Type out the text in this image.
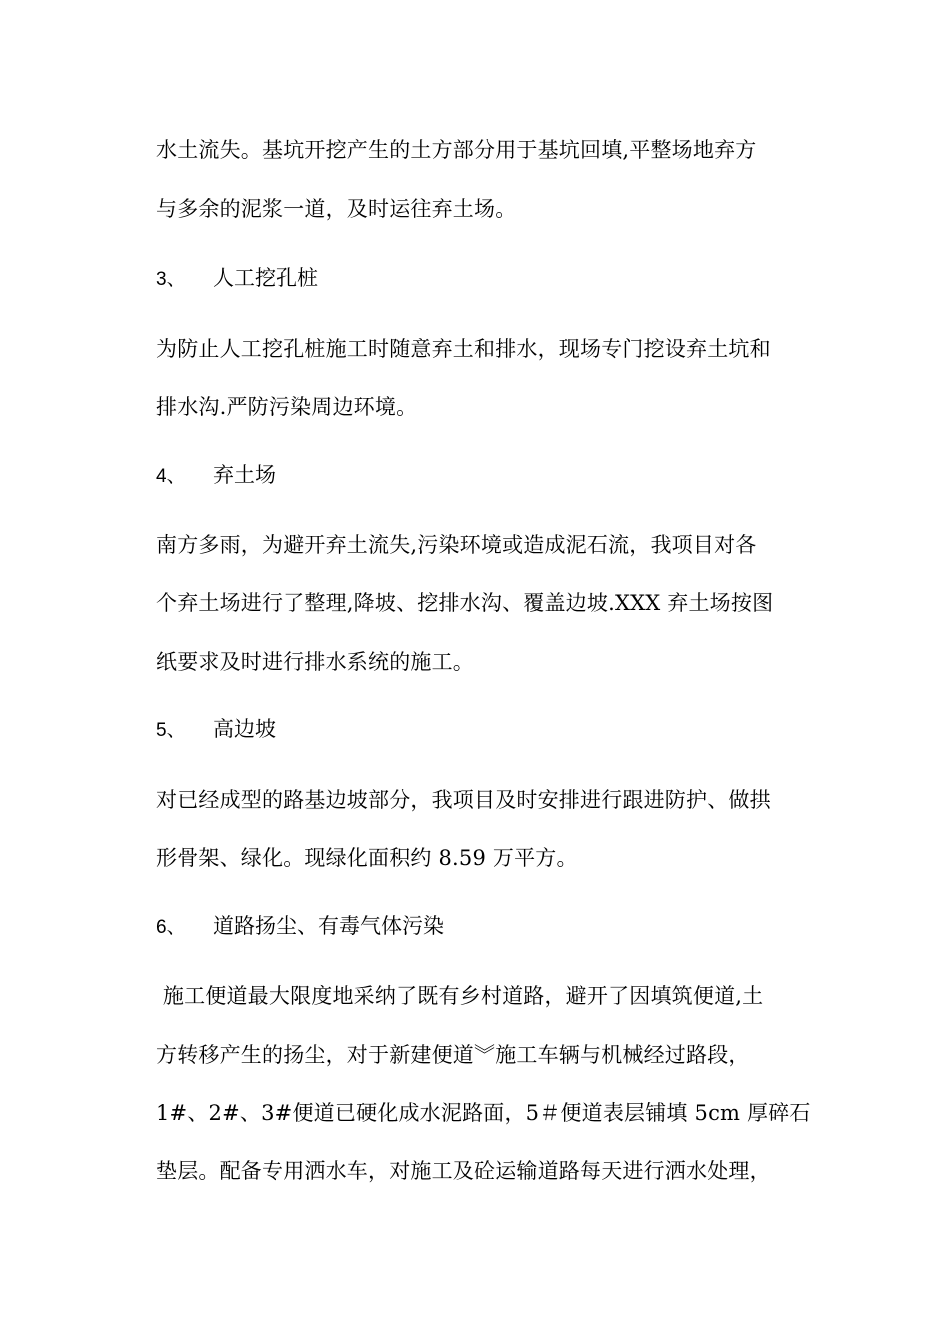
水土流失。基坑开挖产生的土方部分用于基坑回填,平整场地弃方
与多余的泥浆一道，及时运往弃土场。
3、 人工挖孔桩
为防止人工挖孔桩施工时随意弃土和排水，现场专门挖设弃土坑和
排水沟.严防污染周边环境。
4、 弃土场
南方多雨，为避开弃土流失,污染环境或造成泥石流，我项目对各
个弃土场进行了整理,降坡、挖排水沟、覆盖边坡.XXX 弃土场按图
纸要求及时进行排水系统的施工。
5、 高边坡
对已经成型的路基边坡部分，我项目及时安排进行跟进防护、做拱
形骨架、绿化。现绿化面积约 8.59 万平方。
6、 道路扬尘、有毒气体污染
施工便道最大限度地采纳了既有乡村道路，避开了因填筑便道,土
方转移产生的扬尘，对于新建便道︾施工车辆与机械经过路段，
1#、2#、3#便道已硬化成水泥路面，5＃便道表层铺填 5cm 厚碎石
垫层。配备专用洒水车，对施工及砼运输道路每天进行洒水处理，
